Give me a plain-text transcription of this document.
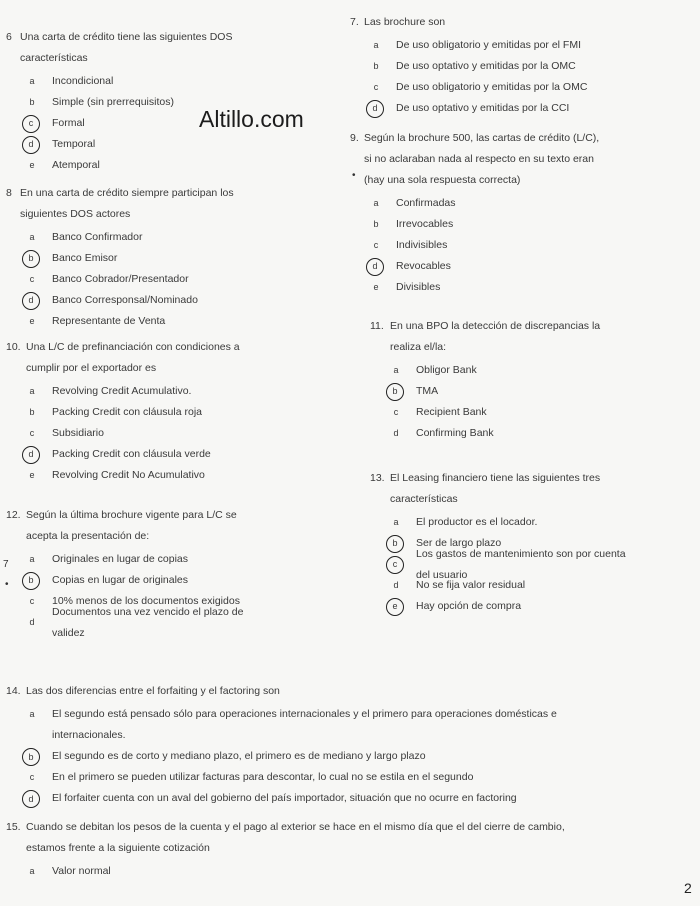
Altillo.com
7
•
•
6 Una carta de crédito tiene las siguientes DOS
características
a	Incondicional
b	Simple (sin prerrequisitos)
c	Formal
d	Temporal
e	Atemporal
8 En una carta de crédito siempre participan los
siguientes DOS actores
a	Banco Confirmador
b	Banco Emisor
c	Banco Cobrador/Presentador
d	Banco Corresponsal/Nominado
e	Representante de Venta
10. Una L/C de prefinanciación con condiciones a
cumplir por el exportador es
a	Revolving Credit Acumulativo.
b	Packing Credit con cláusula roja
c	Subsidiario
d	Packing Credit con cláusula verde
e	Revolving Credit No Acumulativo
12. Según la última brochure vigente para L/C se
acepta la presentación de:
a	Originales en lugar de copias
b	Copias en lugar de originales
c	10% menos de los documentos exigidos
d
Documentos una vez vencido el plazo de
validez
7. Las brochure son
a	De uso obligatorio y emitidas por el FMI
b	De uso optativo y emitidas por la OMC
c	De uso obligatorio y emitidas por la OMC
d	De uso optativo y emitidas por la CCI
9. Según la brochure 500, las cartas de crédito (L/C),
si no aclaraban nada al respecto en su texto eran
(hay una sola respuesta correcta)
a	Confirmadas
b	Irrevocables
c	Indivisibles
d	Revocables
e	Divisibles
11. En una BPO la detección de discrepancias la
realiza el/la:
a	Obligor Bank
b	TMA
c	Recipient Bank
d	Confirming Bank
13. El Leasing financiero tiene las siguientes tres
características
a	El productor es el locador.
b	Ser de largo plazo
c
Los gastos de mantenimiento son por cuenta
del usuario
d	No se fija valor residual
e	Hay opción de compra
14. Las dos diferencias entre el forfaiting y el factoring son
a	El segundo está pensado sólo para operaciones internacionales y el primero para operaciones domésticas e
internacionales.
b	El segundo es de corto y mediano plazo, el primero es de mediano y largo plazo
c	En el primero se pueden utilizar facturas para descontar, lo cual no se estila en el segundo
d	El forfaiter cuenta con un aval del gobierno del país importador, situación que no ocurre en factoring
15. Cuando se debitan los pesos de la cuenta y el pago al exterior se hace en el mismo día que el del cierre de cambio,
estamos frente a la siguiente cotización
a	Valor normal
2
